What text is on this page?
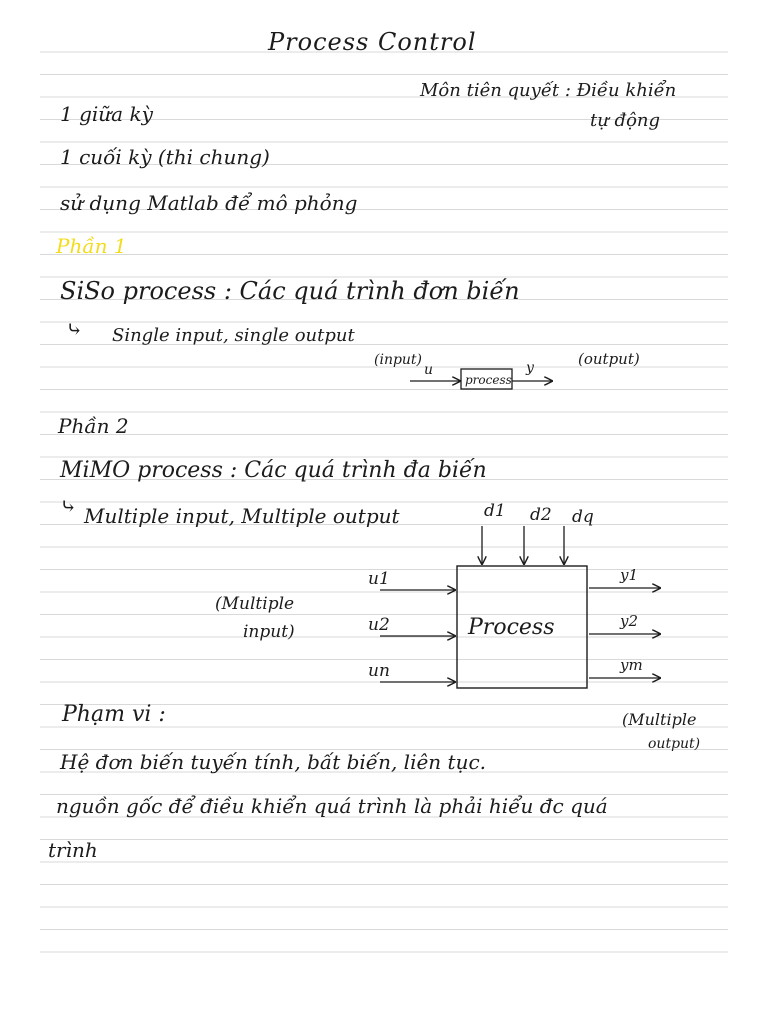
Process Control
Môn tiên quyết : Điều khiển
tự động
1 giữa kỳ
1 cuối kỳ (thi chung)
sử dụng Matlab để mô phỏng
Phần 1
SiSo process : Các quá trình đơn biến
⤷ Single input, single output
(input)
u
process
y	(output)
Phần 2
MiMO process : Các quá trình đa biến
⤷ Multiple input, Multiple output	d1 d2 dq
Process
u1
u2
un
y1
y2
ym
(Multiple
input)
(Multiple
output)
Phạm vi :
Hệ đơn biến tuyến tính, bất biến, liên tục.
nguồn gốc để điều khiển quá trình là phải hiểu đc quá
trình
